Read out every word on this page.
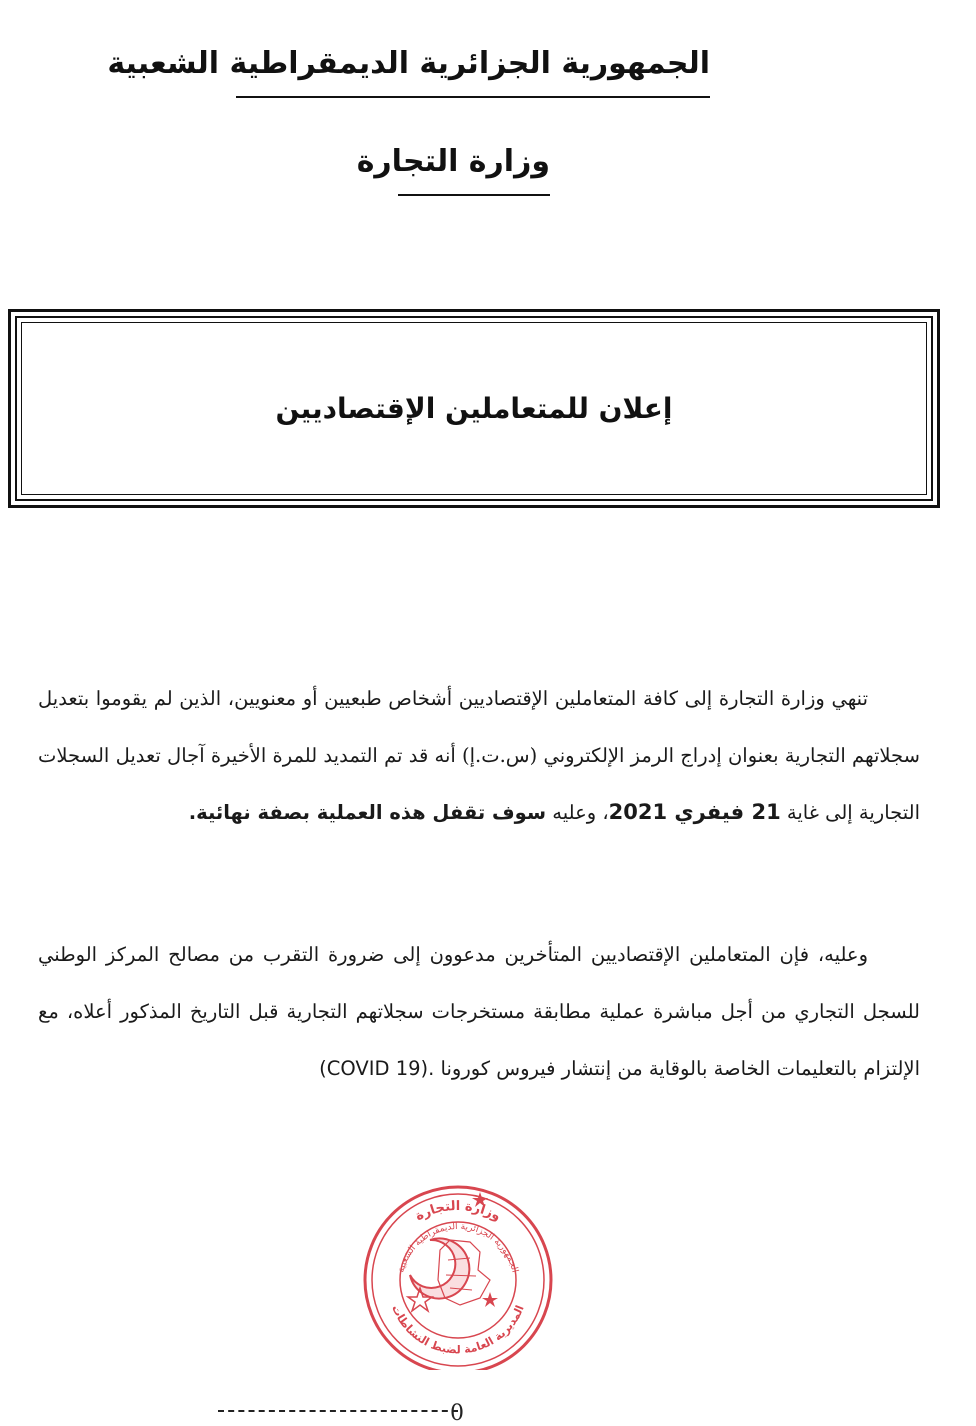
الجمهورية الجزائرية الديمقراطية الشعبية
وزارة التجارة
إعلان للمتعاملين الإقتصاديين
تنهي وزارة التجارة إلى كافة المتعاملين الإقتصاديين أشخاص طبعيين أو معنويين، الذين لم يقوموا بتعديل سجلاتهم التجارية بعنوان إدراج الرمز الإلكتروني (س.ت.إ) أنه قد تم التمديد للمرة الأخيرة آجال تعديل السجلات التجارية إلى غاية 21 فيفري 2021، وعليه سوف تقفل هذه العملية بصفة نهائية.
وعليه، فإن المتعاملين الإقتصاديين المتأخرين مدعوون إلى ضرورة التقرب من مصالح المركز الوطني للسجل التجاري من أجل مباشرة عملية مطابقة مستخرجات سجلاتهم التجارية قبل التاريخ المذكور أعلاه، مع الإلتزام بالتعليمات الخاصة بالوقاية من إنتشار فيروس كورونا (COVID 19).
وزارة التجارة
الجمهورية الجزائرية الديمقراطية الشعبية
المديرية العامة لضبط النشاطات
0
